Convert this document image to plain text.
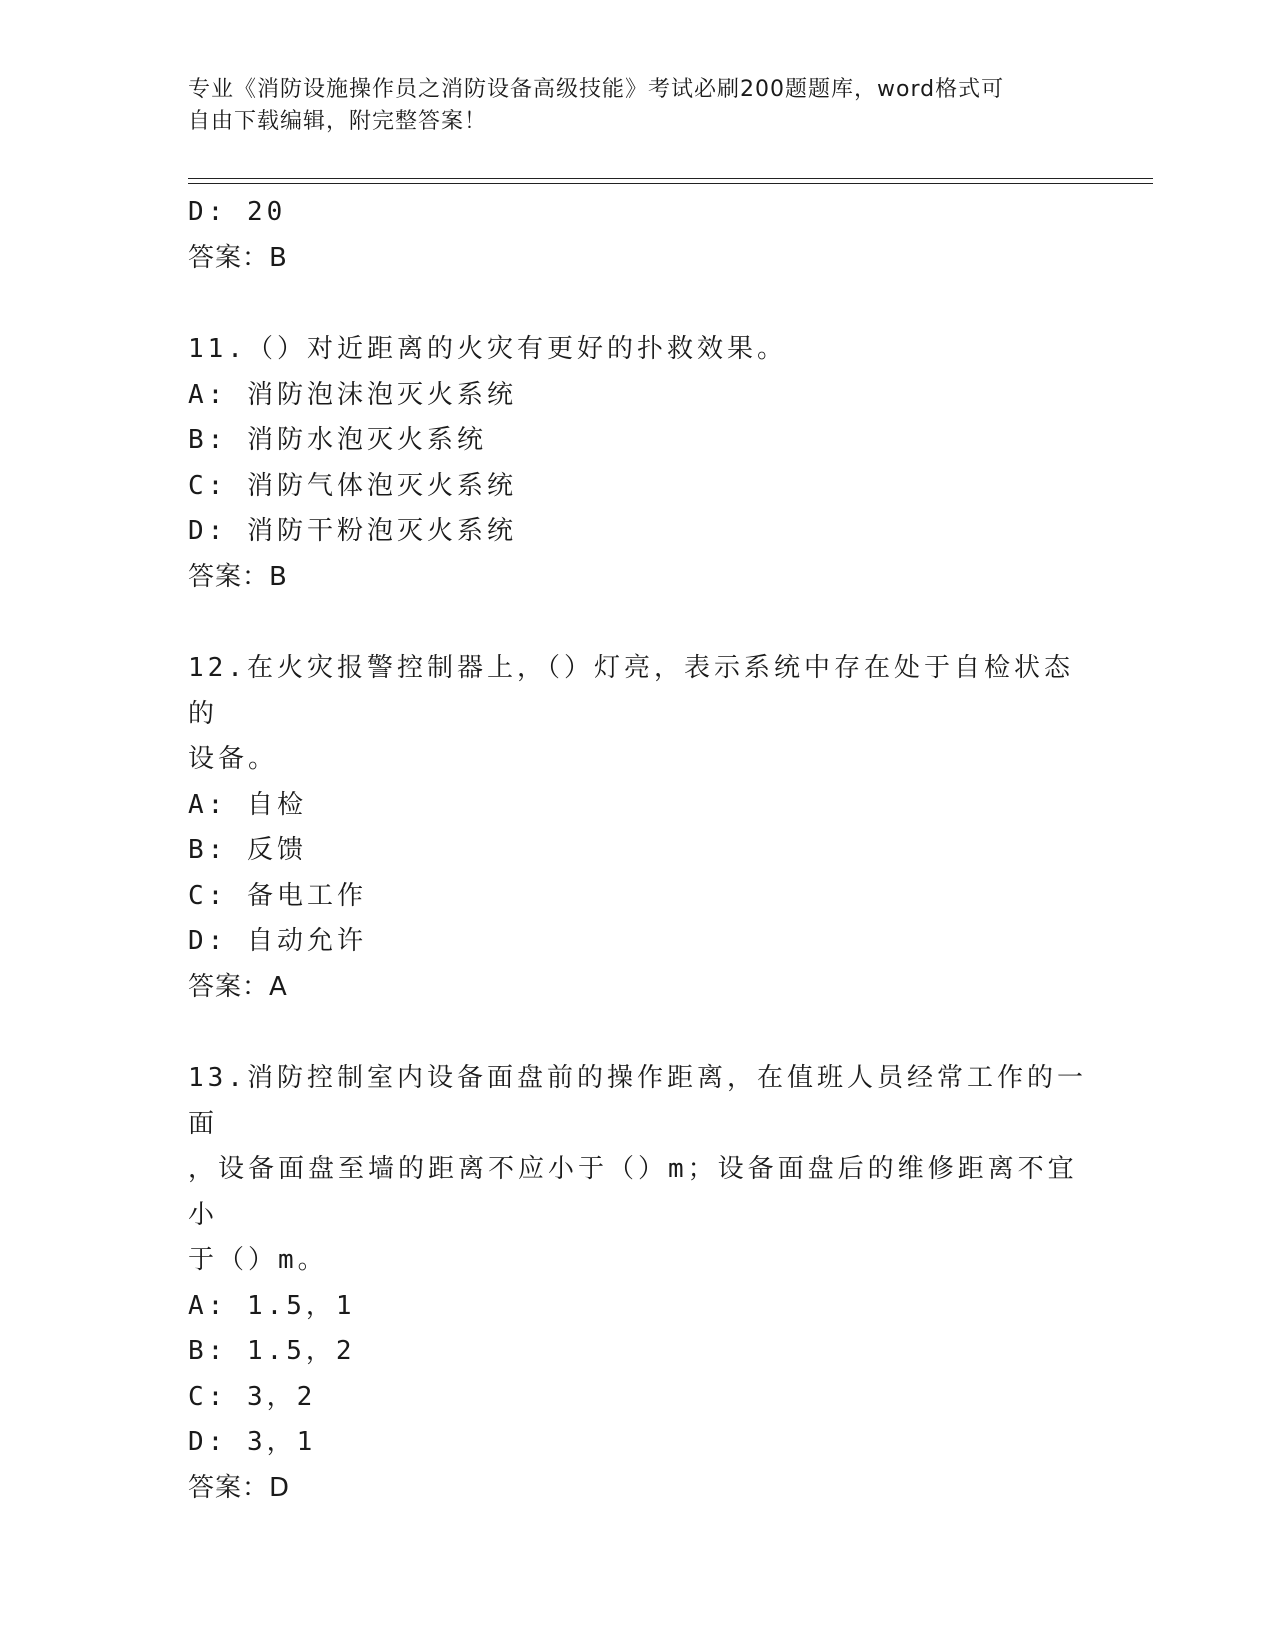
专业《消防设施操作员之消防设备高级技能》考试必刷200题题库，word格式可
自由下载编辑，附完整答案！

D: 20

答案：B

11.（）对近距离的火灾有更好的扑救效果。

A: 消防泡沫泡灭火系统

B: 消防水泡灭火系统

C: 消防气体泡灭火系统

D: 消防干粉泡灭火系统

答案：B

12.在火灾报警控制器上，（）灯亮，表示系统中存在处于自检状态的
设备。

A: 自检

B: 反馈

C: 备电工作

D: 自动允许

答案：A

13.消防控制室内设备面盘前的操作距离，在值班人员经常工作的一面
，设备面盘至墙的距离不应小于（）m；设备面盘后的维修距离不宜小
于（）m。

A: 1.5，1

B: 1.5，2

C: 3，2

D: 3，1

答案：D
